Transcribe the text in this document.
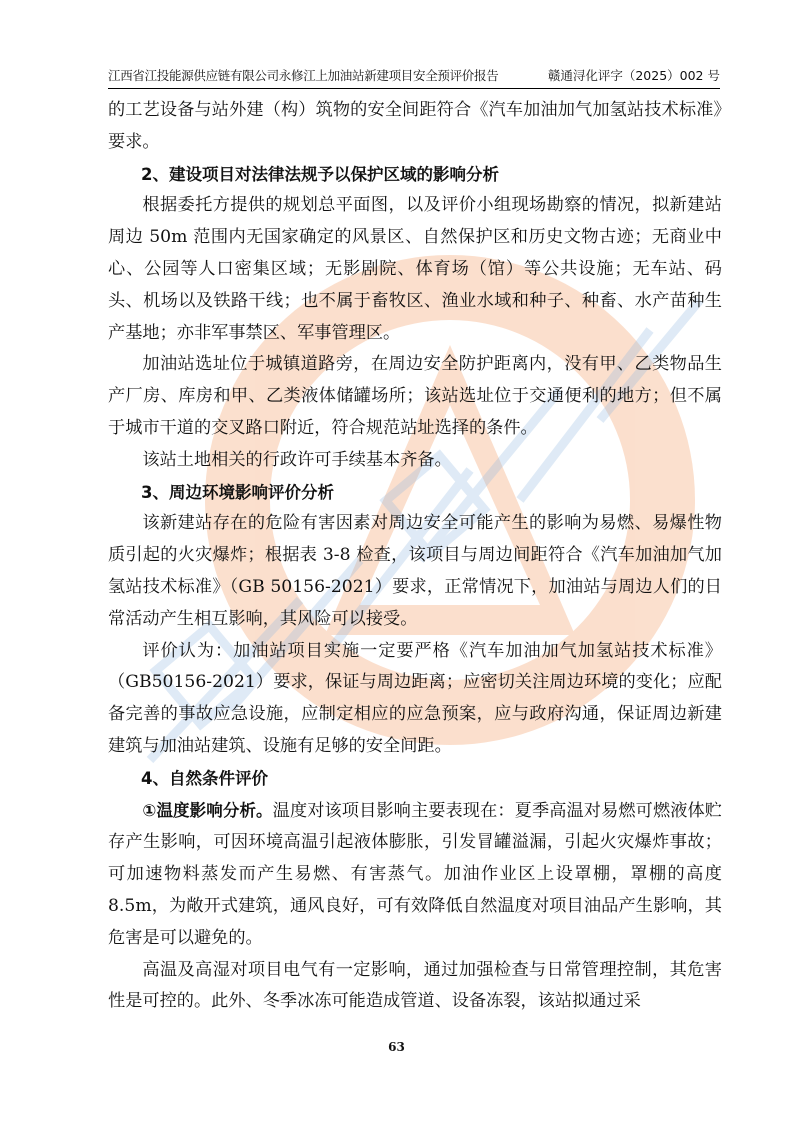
江西省江投能源供应链有限公司永修江上加油站新建项目安全预评价报告	赣通浔化评字（2025）002 号

的工艺设备与站外建（构）筑物的安全间距符合《汽车加油加气加氢站技术标准》要求。

2、建设项目对法律法规予以保护区域的影响分析

根据委托方提供的规划总平面图，以及评价小组现场勘察的情况，拟新建站周边 50m 范围内无国家确定的风景区、自然保护区和历史文物古迹；无商业中心、公园等人口密集区域；无影剧院、体育场（馆）等公共设施；无车站、码头、机场以及铁路干线；也不属于畜牧区、渔业水域和种子、种畜、水产苗种生产基地；亦非军事禁区、军事管理区。

加油站选址位于城镇道路旁，在周边安全防护距离内，没有甲、乙类物品生产厂房、库房和甲、乙类液体储罐场所；该站选址位于交通便利的地方；但不属于城市干道的交叉路口附近，符合规范站址选择的条件。

该站土地相关的行政许可手续基本齐备。

3、周边环境影响评价分析

该新建站存在的危险有害因素对周边安全可能产生的影响为易燃、易爆性物质引起的火灾爆炸；根据表 3-8 检查，该项目与周边间距符合《汽车加油加气加氢站技术标准》（GB 50156-2021）要求，正常情况下，加油站与周边人们的日常活动产生相互影响，其风险可以接受。

评价认为：加油站项目实施一定要严格《汽车加油加气加氢站技术标准》（GB50156-2021）要求，保证与周边距离；应密切关注周边环境的变化；应配备完善的事故应急设施，应制定相应的应急预案，应与政府沟通，保证周边新建建筑与加油站建筑、设施有足够的安全间距。

4、自然条件评价

①温度影响分析。温度对该项目影响主要表现在：夏季高温对易燃可燃液体贮存产生影响，可因环境高温引起液体膨胀，引发冒罐溢漏，引起火灾爆炸事故；可加速物料蒸发而产生易燃、有害蒸气。加油作业区上设罩棚，罩棚的高度 8.5m，为敞开式建筑，通风良好，可有效降低自然温度对项目油品产生影响，其危害是可以避免的。

高温及高湿对项目电气有一定影响，通过加强检查与日常管理控制，其危害性是可控的。此外、冬季冰冻可能造成管道、设备冻裂，该站拟通过采

63
